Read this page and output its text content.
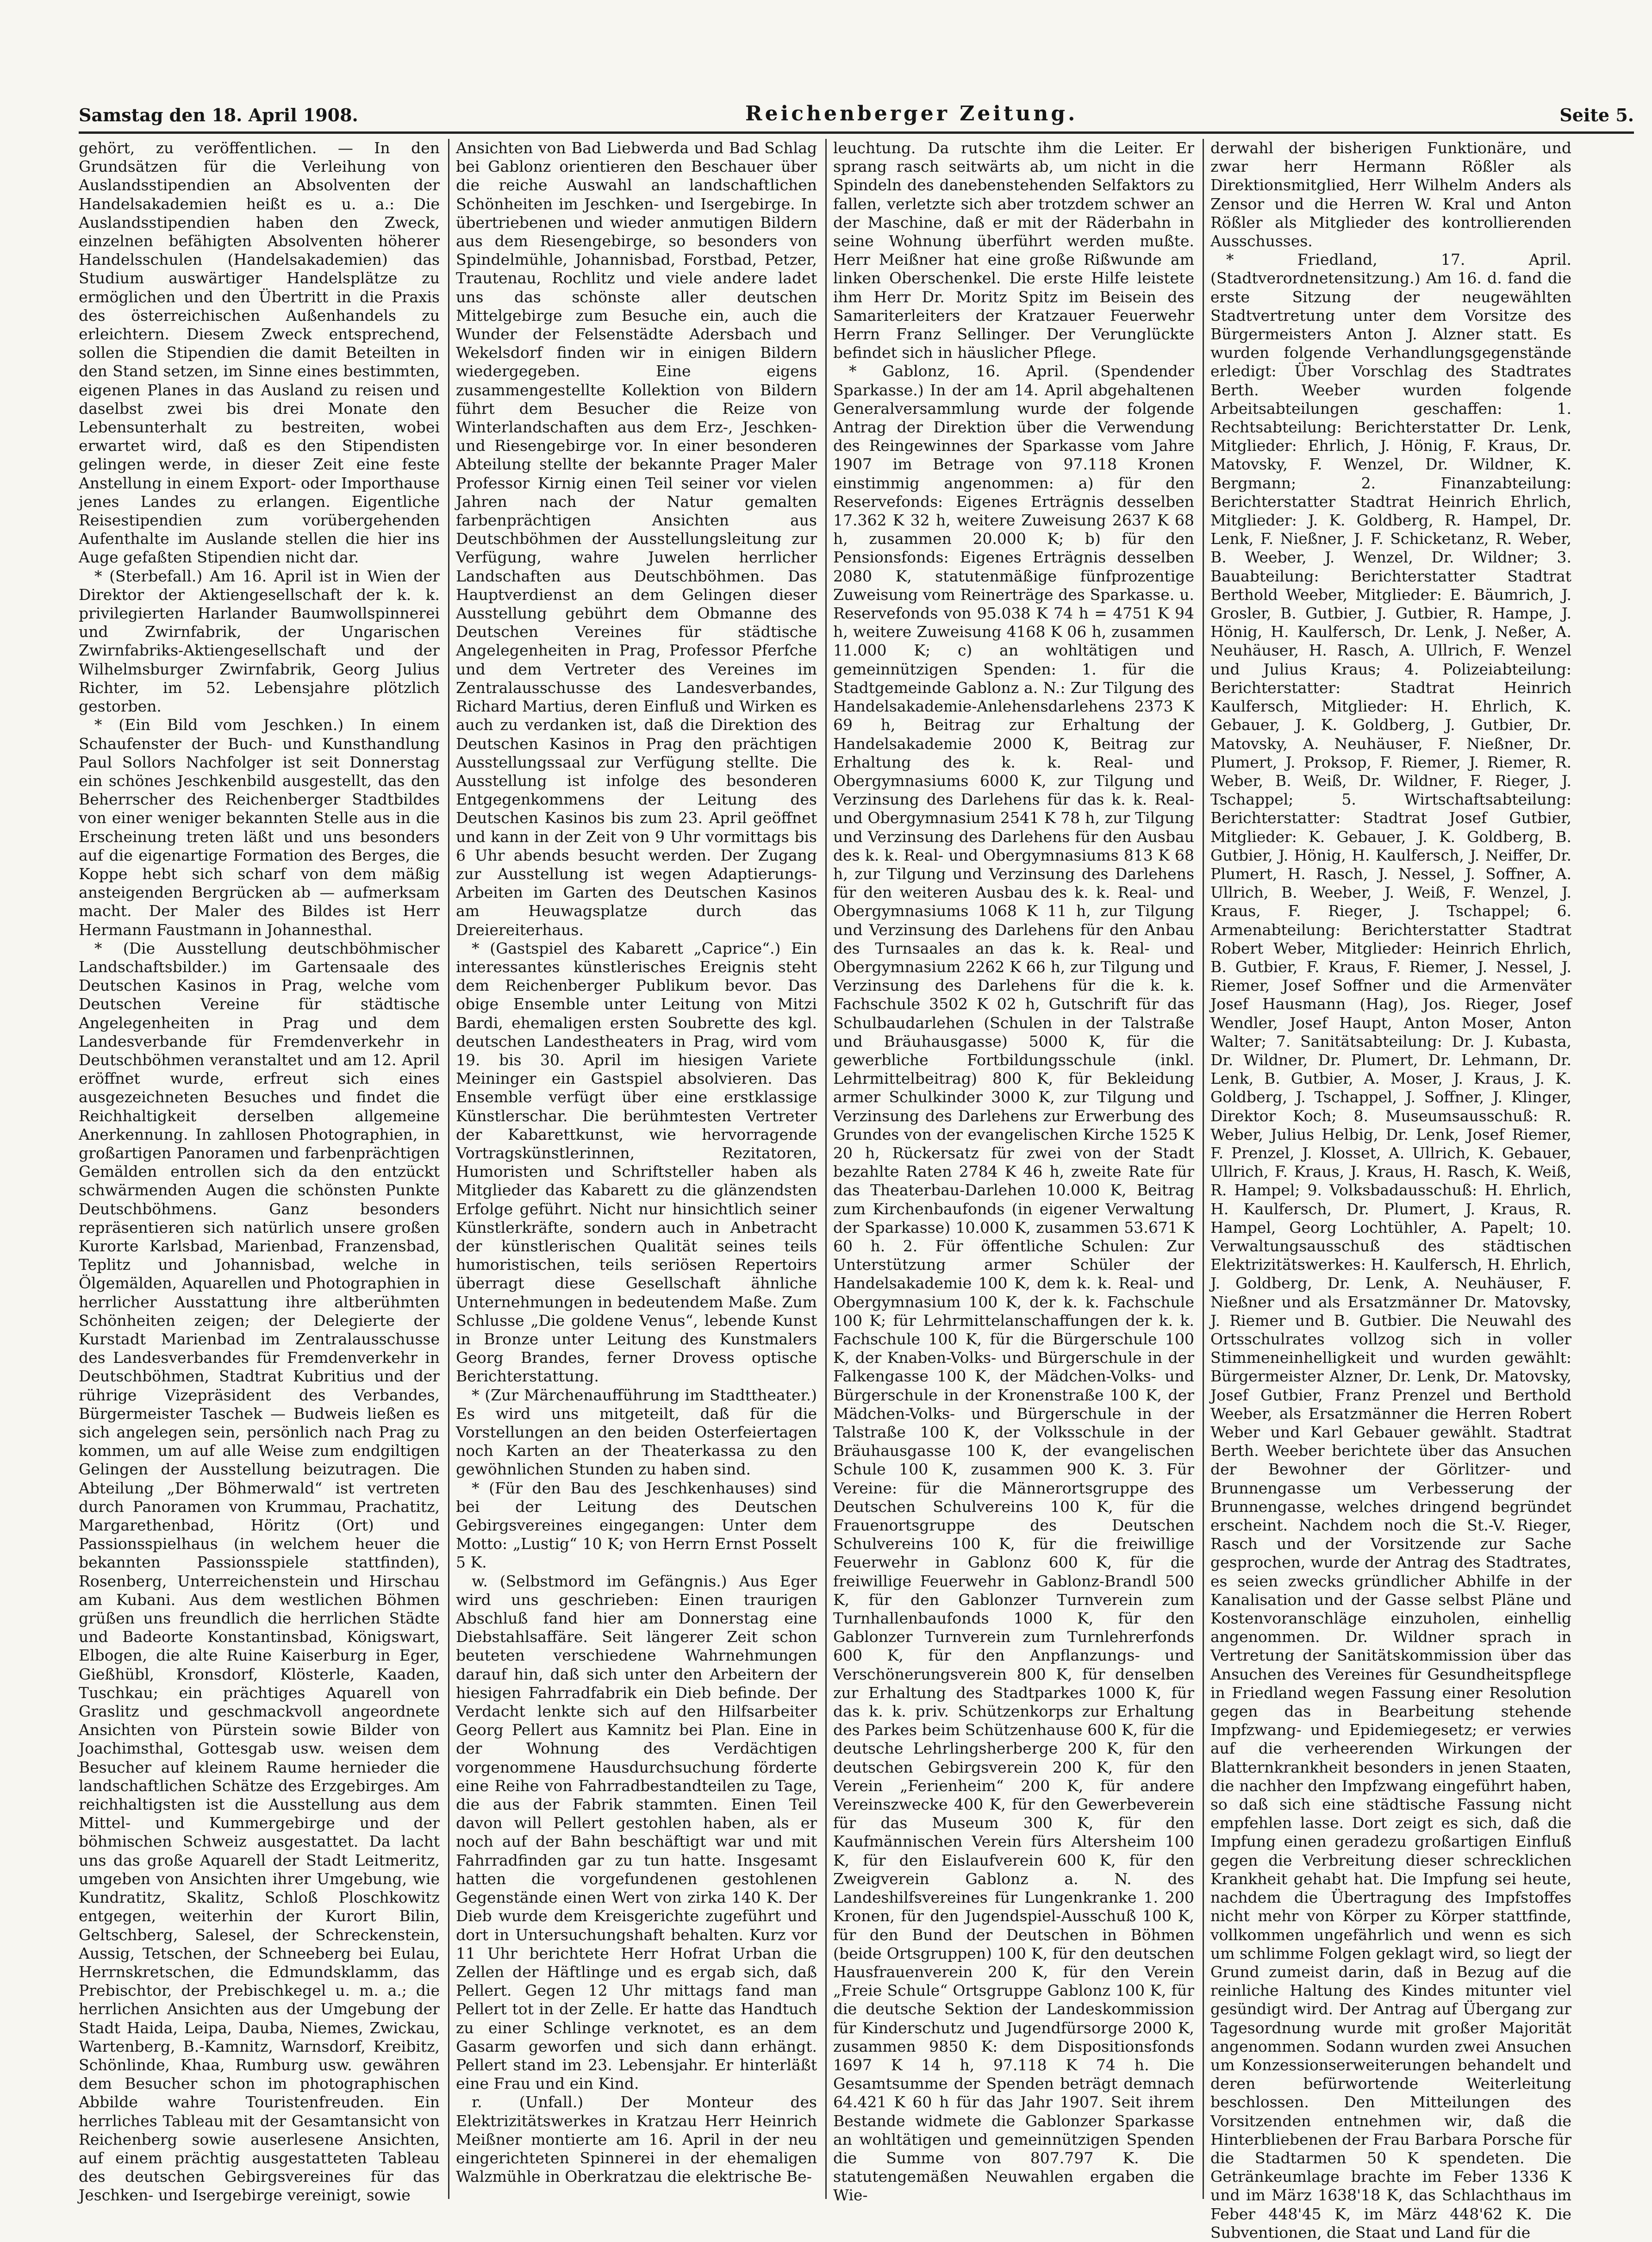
Samstag den 18. April 1908.	Reichenberger Zeitung.	Seite 5.

gehört, zu veröffentlichen. — In den Grundsätzen für die Verleihung von Auslandsstipendien an Absolventen der Handelsakademien heißt es u. a.: Die Auslandsstipendien haben den Zweck, einzelnen befähigten Absolventen höherer Handelsschulen (Handelsakademien) das Studium auswärtiger Handelsplätze zu ermöglichen und den Übertritt in die Praxis des österreichischen Außenhandels zu erleichtern. Diesem Zweck entsprechend, sollen die Stipendien die damit Beteilten in den Stand setzen, im Sinne eines bestimmten, eigenen Planes in das Ausland zu reisen und daselbst zwei bis drei Monate den Lebensunterhalt zu bestreiten, wobei erwartet wird, daß es den Stipendisten gelingen werde, in dieser Zeit eine feste Anstellung in einem Export- oder Importhause jenes Landes zu erlangen. Eigentliche Reisestipendien zum vorübergehenden Aufenthalte im Auslande stellen die hier ins Auge gefaßten Stipendien nicht dar.

* (Sterbefall.) Am 16. April ist in Wien der Direktor der Aktiengesellschaft der k. k. privilegierten Harlander Baumwollspinnerei und Zwirnfabrik, der Ungarischen Zwirnfabriks-Aktiengesellschaft und der Wilhelmsburger Zwirnfabrik, Georg Julius Richter, im 52. Lebensjahre plötzlich gestorben.

* (Ein Bild vom Jeschken.) In einem Schaufenster der Buch- und Kunsthandlung Paul Sollors Nachfolger ist seit Donnerstag ein schönes Jeschkenbild ausgestellt, das den Beherrscher des Reichenberger Stadtbildes von einer weniger bekannten Stelle aus in die Erscheinung treten läßt und uns besonders auf die eigenartige Formation des Berges, die Koppe hebt sich scharf von dem mäßig ansteigenden Bergrücken ab — aufmerksam macht. Der Maler des Bildes ist Herr Hermann Faustmann in Johannesthal.

* (Die Ausstellung deutschböhmischer Landschaftsbilder.) im Gartensaale des Deutschen Kasinos in Prag, welche vom Deutschen Vereine für städtische Angelegenheiten in Prag und dem Landesverbande für Fremdenverkehr in Deutschböhmen veranstaltet und am 12. April eröffnet wurde, erfreut sich eines ausgezeichneten Besuches und findet die Reichhaltigkeit derselben allgemeine Anerkennung. In zahllosen Photographien, in großartigen Panoramen und farbenprächtigen Gemälden entrollen sich da den entzückt schwärmenden Augen die schönsten Punkte Deutschböhmens. Ganz besonders repräsentieren sich natürlich unsere großen Kurorte Karlsbad, Marienbad, Franzensbad, Teplitz und Johannisbad, welche in Ölgemälden, Aquarellen und Photographien in herrlicher Ausstattung ihre altberühmten Schönheiten zeigen; der Delegierte der Kurstadt Marienbad im Zentralausschusse des Landesverbandes für Fremdenverkehr in Deutschböhmen, Stadtrat Kubritius und der rührige Vizepräsident des Verbandes, Bürgermeister Taschek — Budweis ließen es sich angelegen sein, persönlich nach Prag zu kommen, um auf alle Weise zum endgiltigen Gelingen der Ausstellung beizutragen. Die Abteilung „Der Böhmerwald“ ist vertreten durch Panoramen von Krummau, Prachatitz, Margarethenbad, Höritz (Ort) und Passionsspielhaus (in welchem heuer die bekannten Passionsspiele stattfinden), Rosenberg, Unterreichenstein und Hirschau am Kubani. Aus dem westlichen Böhmen grüßen uns freundlich die herrlichen Städte und Badeorte Konstantinsbad, Königswart, Elbogen, die alte Ruine Kaiserburg in Eger, Gießhübl, Kronsdorf, Klösterle, Kaaden, Tuschkau; ein prächtiges Aquarell von Graslitz und geschmackvoll angeordnete Ansichten von Pürstein sowie Bilder von Joachimsthal, Gottesgab usw. weisen dem Besucher auf kleinem Raume hernieder die landschaftlichen Schätze des Erzgebirges. Am reichhaltigsten ist die Ausstellung aus dem Mittel- und Kummergebirge und der böhmischen Schweiz ausgestattet. Da lacht uns das große Aquarell der Stadt Leitmeritz, umgeben von Ansichten ihrer Umgebung, wie Kundratitz, Skalitz, Schloß Ploschkowitz entgegen, weiterhin der Kurort Bilin, Geltschberg, Salesel, der Schreckenstein, Aussig, Tetschen, der Schneeberg bei Eulau, Herrnskretschen, die Edmundsklamm, das Prebischtor, der Prebischkegel u. m. a.; die herrlichen Ansichten aus der Umgebung der Stadt Haida, Leipa, Dauba, Niemes, Zwickau, Wartenberg, B.-Kamnitz, Warnsdorf, Kreibitz, Schönlinde, Khaa, Rumburg usw. gewähren dem Besucher schon im photographischen Abbilde wahre Touristenfreuden. Ein herrliches Tableau mit der Gesamtansicht von Reichenberg sowie auserlesene Ansichten, auf einem prächtig ausgestatteten Tableau des deutschen Gebirgsvereines für das Jeschken- und Isergebirge vereinigt, sowie

Ansichten von Bad Liebwerda und Bad Schlag bei Gablonz orientieren den Beschauer über die reiche Auswahl an landschaftlichen Schönheiten im Jeschken- und Isergebirge. In übertriebenen und wieder anmutigen Bildern aus dem Riesengebirge, so besonders von Spindelmühle, Johannisbad, Forstbad, Petzer, Trautenau, Rochlitz und viele andere ladet uns das schönste aller deutschen Mittelgebirge zum Besuche ein, auch die Wunder der Felsenstädte Adersbach und Wekelsdorf finden wir in einigen Bildern wiedergegeben. Eine eigens zusammengestellte Kollektion von Bildern führt dem Besucher die Reize von Winterlandschaften aus dem Erz-, Jeschken- und Riesengebirge vor. In einer besonderen Abteilung stellte der bekannte Prager Maler Professor Kirnig einen Teil seiner vor vielen Jahren nach der Natur gemalten farbenprächtigen Ansichten aus Deutschböhmen der Ausstellungsleitung zur Verfügung, wahre Juwelen herrlicher Landschaften aus Deutschböhmen. Das Hauptverdienst an dem Gelingen dieser Ausstellung gebührt dem Obmanne des Deutschen Vereines für städtische Angelegenheiten in Prag, Professor Pferfche und dem Vertreter des Vereines im Zentralausschusse des Landesverbandes, Richard Martius, deren Einfluß und Wirken es auch zu verdanken ist, daß die Direktion des Deutschen Kasinos in Prag den prächtigen Ausstellungssaal zur Verfügung stellte. Die Ausstellung ist infolge des besonderen Entgegenkommens der Leitung des Deutschen Kasinos bis zum 23. April geöffnet und kann in der Zeit von 9 Uhr vormittags bis 6 Uhr abends besucht werden. Der Zugang zur Ausstellung ist wegen Adaptierungs-Arbeiten im Garten des Deutschen Kasinos am Heuwagsplatze durch das Dreiereiterhaus.

* (Gastspiel des Kabarett „Caprice“.) Ein interessantes künstlerisches Ereignis steht dem Reichenberger Publikum bevor. Das obige Ensemble unter Leitung von Mitzi Bardi, ehemaligen ersten Soubrette des kgl. deutschen Landestheaters in Prag, wird vom 19. bis 30. April im hiesigen Variete Meininger ein Gastspiel absolvieren. Das Ensemble verfügt über eine erstklassige Künstlerschar. Die berühmtesten Vertreter der Kabarettkunst, wie hervorragende Vortragskünstlerinnen, Rezitatoren, Humoristen und Schriftsteller haben als Mitglieder das Kabarett zu die glänzendsten Erfolge geführt. Nicht nur hinsichtlich seiner Künstlerkräfte, sondern auch in Anbetracht der künstlerischen Qualität seines teils humoristischen, teils seriösen Repertoirs überragt diese Gesellschaft ähnliche Unternehmungen in bedeutendem Maße. Zum Schlusse „Die goldene Venus“, lebende Kunst in Bronze unter Leitung des Kunstmalers Georg Brandes, ferner Drovess optische Berichterstattung.

* (Zur Märchenaufführung im Stadttheater.) Es wird uns mitgeteilt, daß für die Vorstellungen an den beiden Osterfeiertagen noch Karten an der Theaterkassa zu den gewöhnlichen Stunden zu haben sind.

* (Für den Bau des Jeschkenhauses) sind bei der Leitung des Deutschen Gebirgsvereines eingegangen: Unter dem Motto: „Lustig“ 10 K; von Herrn Ernst Posselt 5 K.

w. (Selbstmord im Gefängnis.) Aus Eger wird uns geschrieben: Einen traurigen Abschluß fand hier am Donnerstag eine Diebstahlsaffäre. Seit längerer Zeit schon beuteten verschiedene Wahrnehmungen darauf hin, daß sich unter den Arbeitern der hiesigen Fahrradfabrik ein Dieb befinde. Der Verdacht lenkte sich auf den Hilfsarbeiter Georg Pellert aus Kamnitz bei Plan. Eine in der Wohnung des Verdächtigen vorgenommene Hausdurchsuchung förderte eine Reihe von Fahrradbestandteilen zu Tage, die aus der Fabrik stammten. Einen Teil davon will Pellert gestohlen haben, als er noch auf der Bahn beschäftigt war und mit Fahrradfinden gar zu tun hatte. Insgesamt hatten die vorgefundenen gestohlenen Gegenstände einen Wert von zirka 140 K. Der Dieb wurde dem Kreisgerichte zugeführt und dort in Untersuchungshaft behalten. Kurz vor 11 Uhr berichtete Herr Hofrat Urban die Zellen der Häftlinge und es ergab sich, daß Pellert. Gegen 12 Uhr mittags fand man Pellert tot in der Zelle. Er hatte das Handtuch zu einer Schlinge verknotet, es an dem Gasarm geworfen und sich dann erhängt. Pellert stand im 23. Lebensjahr. Er hinterläßt eine Frau und ein Kind.

r. (Unfall.) Der Monteur des Elektrizitätswerkes in Kratzau Herr Heinrich Meißner montierte am 16. April in der neu eingerichteten Spinnerei in der ehemaligen Walzmühle in Oberkratzau die elektrische Be-

leuchtung. Da rutschte ihm die Leiter. Er sprang rasch seitwärts ab, um nicht in die Spindeln des danebenstehenden Selfaktors zu fallen, verletzte sich aber trotzdem schwer an der Maschine, daß er mit der Räderbahn in seine Wohnung überführt werden mußte. Herr Meißner hat eine große Rißwunde am linken Oberschenkel. Die erste Hilfe leistete ihm Herr Dr. Moritz Spitz im Beisein des Samariterleiters der Kratzauer Feuerwehr Herrn Franz Sellinger. Der Verunglückte befindet sich in häuslicher Pflege.

* Gablonz, 16. April. (Spendender Sparkasse.) In der am 14. April abgehaltenen Generalversammlung wurde der folgende Antrag der Direktion über die Verwendung des Reingewinnes der Sparkasse vom Jahre 1907 im Betrage von 97.118 Kronen einstimmig angenommen: a) für den Reservefonds: Eigenes Erträgnis desselben 17.362 K 32 h, weitere Zuweisung 2637 K 68 h, zusammen 20.000 K; b) für den Pensionsfonds: Eigenes Erträgnis desselben 2080 K, statutenmäßige fünfprozentige Zuweisung vom Reinerträge des Sparkasse. u. Reservefonds von 95.038 K 74 h = 4751 K 94 h, weitere Zuweisung 4168 K 06 h, zusammen 11.000 K; c) an wohltätigen und gemeinnützigen Spenden: 1. für die Stadtgemeinde Gablonz a. N.: Zur Tilgung des Handelsakademie-Anlehensdarlehens 2373 K 69 h, Beitrag zur Erhaltung der Handelsakademie 2000 K, Beitrag zur Erhaltung des k. k. Real- und Obergymnasiums 6000 K, zur Tilgung und Verzinsung des Darlehens für das k. k. Real- und Obergymnasium 2541 K 78 h, zur Tilgung und Verzinsung des Darlehens für den Ausbau des k. k. Real- und Obergymnasiums 813 K 68 h, zur Tilgung und Verzinsung des Darlehens für den weiteren Ausbau des k. k. Real- und Obergymnasiums 1068 K 11 h, zur Tilgung und Verzinsung des Darlehens für den Anbau des Turnsaales an das k. k. Real- und Obergymnasium 2262 K 66 h, zur Tilgung und Verzinsung des Darlehens für die k. k. Fachschule 3502 K 02 h, Gutschrift für das Schulbaudarlehen (Schulen in der Talstraße und Bräuhausgasse) 5000 K, für die gewerbliche Fortbildungsschule (inkl. Lehrmittelbeitrag) 800 K, für Bekleidung armer Schulkinder 3000 K, zur Tilgung und Verzinsung des Darlehens zur Erwerbung des Grundes von der evangelischen Kirche 1525 K 20 h, Rückersatz für zwei von der Stadt bezahlte Raten 2784 K 46 h, zweite Rate für das Theaterbau-Darlehen 10.000 K, Beitrag zum Kirchenbaufonds (in eigener Verwaltung der Sparkasse) 10.000 K, zusammen 53.671 K 60 h. 2. Für öffentliche Schulen: Zur Unterstützung armer Schüler der Handelsakademie 100 K, dem k. k. Real- und Obergymnasium 100 K, der k. k. Fachschule 100 K; für Lehrmittelanschaffungen der k. k. Fachschule 100 K, für die Bürgerschule 100 K, der Knaben-Volks- und Bürgerschule in der Falkengasse 100 K, der Mädchen-Volks- und Bürgerschule in der Kronenstraße 100 K, der Mädchen-Volks- und Bürgerschule in der Talstraße 100 K, der Volksschule in der Bräuhausgasse 100 K, der evangelischen Schule 100 K, zusammen 900 K. 3. Für Vereine: für die Männerortsgruppe des Deutschen Schulvereins 100 K, für die Frauenortsgruppe des Deutschen Schulvereins 100 K, für die freiwillige Feuerwehr in Gablonz 600 K, für die freiwillige Feuerwehr in Gablonz-Brandl 500 K, für den Gablonzer Turnverein zum Turnhallenbaufonds 1000 K, für den Gablonzer Turnverein zum Turnlehrerfonds 600 K, für den Anpflanzungs- und Verschönerungsverein 800 K, für denselben zur Erhaltung des Stadtparkes 1000 K, für das k. k. priv. Schützenkorps zur Erhaltung des Parkes beim Schützenhause 600 K, für die deutsche Lehrlingsherberge 200 K, für den deutschen Gebirgsverein 200 K, für den Verein „Ferienheim“ 200 K, für andere Vereinszwecke 400 K, für den Gewerbeverein für das Museum 300 K, für den Kaufmännischen Verein fürs Altersheim 100 K, für den Eislaufverein 600 K, für den Zweigverein Gablonz a. N. des Landeshilfsvereines für Lungenkranke 1. 200 Kronen, für den Jugendspiel-Ausschuß 100 K, für den Bund der Deutschen in Böhmen (beide Ortsgruppen) 100 K, für den deutschen Hausfrauenverein 200 K, für den Verein „Freie Schule“ Ortsgruppe Gablonz 100 K, für die deutsche Sektion der Landeskommission für Kinderschutz und Jugendfürsorge 2000 K, zusammen 9850 K: dem Dispositionsfonds 1697 K 14 h, 97.118 K 74 h. Die Gesamtsumme der Spenden beträgt demnach 64.421 K 60 h für das Jahr 1907. Seit ihrem Bestande widmete die Gablonzer Sparkasse an wohltätigen und gemeinnützigen Spenden die Summe von 807.797 K. Die statutengemäßen Neuwahlen ergaben die Wie-

derwahl der bisherigen Funktionäre, und zwar herr Hermann Rößler als Direktionsmitglied, Herr Wilhelm Anders als Zensor und die Herren W. Kral und Anton Rößler als Mitglieder des kontrollierenden Ausschusses.

* Friedland, 17. April. (Stadtverordnetensitzung.) Am 16. d. fand die erste Sitzung der neugewählten Stadtvertretung unter dem Vorsitze des Bürgermeisters Anton J. Alzner statt. Es wurden folgende Verhandlungsgegenstände erledigt: Über Vorschlag des Stadtrates Berth. Weeber wurden folgende Arbeitsabteilungen geschaffen: 1. Rechtsabteilung: Berichterstatter Dr. Lenk, Mitglieder: Ehrlich, J. Hönig, F. Kraus, Dr. Matovsky, F. Wenzel, Dr. Wildner, K. Bergmann; 2. Finanzabteilung: Berichterstatter Stadtrat Heinrich Ehrlich, Mitglieder: J. K. Goldberg, R. Hampel, Dr. Lenk, F. Nießner, J. F. Schicketanz, R. Weber, B. Weeber, J. Wenzel, Dr. Wildner; 3. Bauabteilung: Berichterstatter Stadtrat Berthold Weeber, Mitglieder: E. Bäumrich, J. Grosler, B. Gutbier, J. Gutbier, R. Hampe, J. Hönig, H. Kaulfersch, Dr. Lenk, J. Neßer, A. Neuhäuser, H. Rasch, A. Ullrich, F. Wenzel und Julius Kraus; 4. Polizeiabteilung: Berichterstatter: Stadtrat Heinrich Kaulfersch, Mitglieder: H. Ehrlich, K. Gebauer, J. K. Goldberg, J. Gutbier, Dr. Matovsky, A. Neuhäuser, F. Nießner, Dr. Plumert, J. Proksop, F. Riemer, J. Riemer, R. Weber, B. Weiß, Dr. Wildner, F. Rieger, J. Tschappel; 5. Wirtschaftsabteilung: Berichterstatter: Stadtrat Josef Gutbier, Mitglieder: K. Gebauer, J. K. Goldberg, B. Gutbier, J. Hönig, H. Kaulfersch, J. Neiffer, Dr. Plumert, H. Rasch, J. Nessel, J. Soffner, A. Ullrich, B. Weeber, J. Weiß, F. Wenzel, J. Kraus, F. Rieger, J. Tschappel; 6. Armenabteilung: Berichterstatter Stadtrat Robert Weber, Mitglieder: Heinrich Ehrlich, B. Gutbier, F. Kraus, F. Riemer, J. Nessel, J. Riemer, Josef Soffner und die Armenväter Josef Hausmann (Hag), Jos. Rieger, Josef Wendler, Josef Haupt, Anton Moser, Anton Walter; 7. Sanitätsabteilung: Dr. J. Kubasta, Dr. Wildner, Dr. Plumert, Dr. Lehmann, Dr. Lenk, B. Gutbier, A. Moser, J. Kraus, J. K. Goldberg, J. Tschappel, J. Soffner, J. Klinger, Direktor Koch; 8. Museumsausschuß: R. Weber, Julius Helbig, Dr. Lenk, Josef Riemer, F. Prenzel, J. Klosset, A. Ullrich, K. Gebauer, Ullrich, F. Kraus, J. Kraus, H. Rasch, K. Weiß, R. Hampel; 9. Volksbadausschuß: H. Ehrlich, H. Kaulfersch, Dr. Plumert, J. Kraus, R. Hampel, Georg Lochtühler, A. Papelt; 10. Verwaltungsausschuß des städtischen Elektrizitätswerkes: H. Kaulfersch, H. Ehrlich, J. Goldberg, Dr. Lenk, A. Neuhäuser, F. Nießner und als Ersatzmänner Dr. Matovsky, J. Riemer und B. Gutbier. Die Neuwahl des Ortsschulrates vollzog sich in voller Stimmeneinhelligkeit und wurden gewählt: Bürgermeister Alzner, Dr. Lenk, Dr. Matovsky, Josef Gutbier, Franz Prenzel und Berthold Weeber, als Ersatzmänner die Herren Robert Weber und Karl Gebauer gewählt. Stadtrat Berth. Weeber berichtete über das Ansuchen der Bewohner der Görlitzer- und Brunnengasse um Verbesserung der Brunnengasse, welches dringend begründet erscheint. Nachdem noch die St.-V. Rieger, Rasch und der Vorsitzende zur Sache gesprochen, wurde der Antrag des Stadtrates, es seien zwecks gründlicher Abhilfe in der Kanalisation und der Gasse selbst Pläne und Kostenvoranschläge einzuholen, einhellig angenommen. Dr. Wildner sprach in Vertretung der Sanitätskommission über das Ansuchen des Vereines für Gesundheitspflege in Friedland wegen Fassung einer Resolution gegen das in Bearbeitung stehende Impfzwang- und Epidemiegesetz; er verwies auf die verheerenden Wirkungen der Blatternkrankheit besonders in jenen Staaten, die nachher den Impfzwang eingeführt haben, so daß sich eine städtische Fassung nicht empfehlen lasse. Dort zeigt es sich, daß die Impfung einen geradezu großartigen Einfluß gegen die Verbreitung dieser schrecklichen Krankheit gehabt hat. Die Impfung sei heute, nachdem die Übertragung des Impfstoffes nicht mehr von Körper zu Körper stattfinde, vollkommen ungefährlich und wenn es sich um schlimme Folgen geklagt wird, so liegt der Grund zumeist darin, daß in Bezug auf die reinliche Haltung des Kindes mitunter viel gesündigt wird. Der Antrag auf Übergang zur Tagesordnung wurde mit großer Majorität angenommen. Sodann wurden zwei Ansuchen um Konzessionserweiterungen behandelt und deren befürwortende Weiterleitung beschlossen. Den Mitteilungen des Vorsitzenden entnehmen wir, daß die Hinterbliebenen der Frau Barbara Porsche für die Stadtarmen 50 K spendeten. Die Getränkeumlage brachte im Feber 1336 K und im März 1638'18 K, das Schlachthaus im Feber 448'45 K, im März 448'62 K. Die Subventionen, die Staat und Land für die
